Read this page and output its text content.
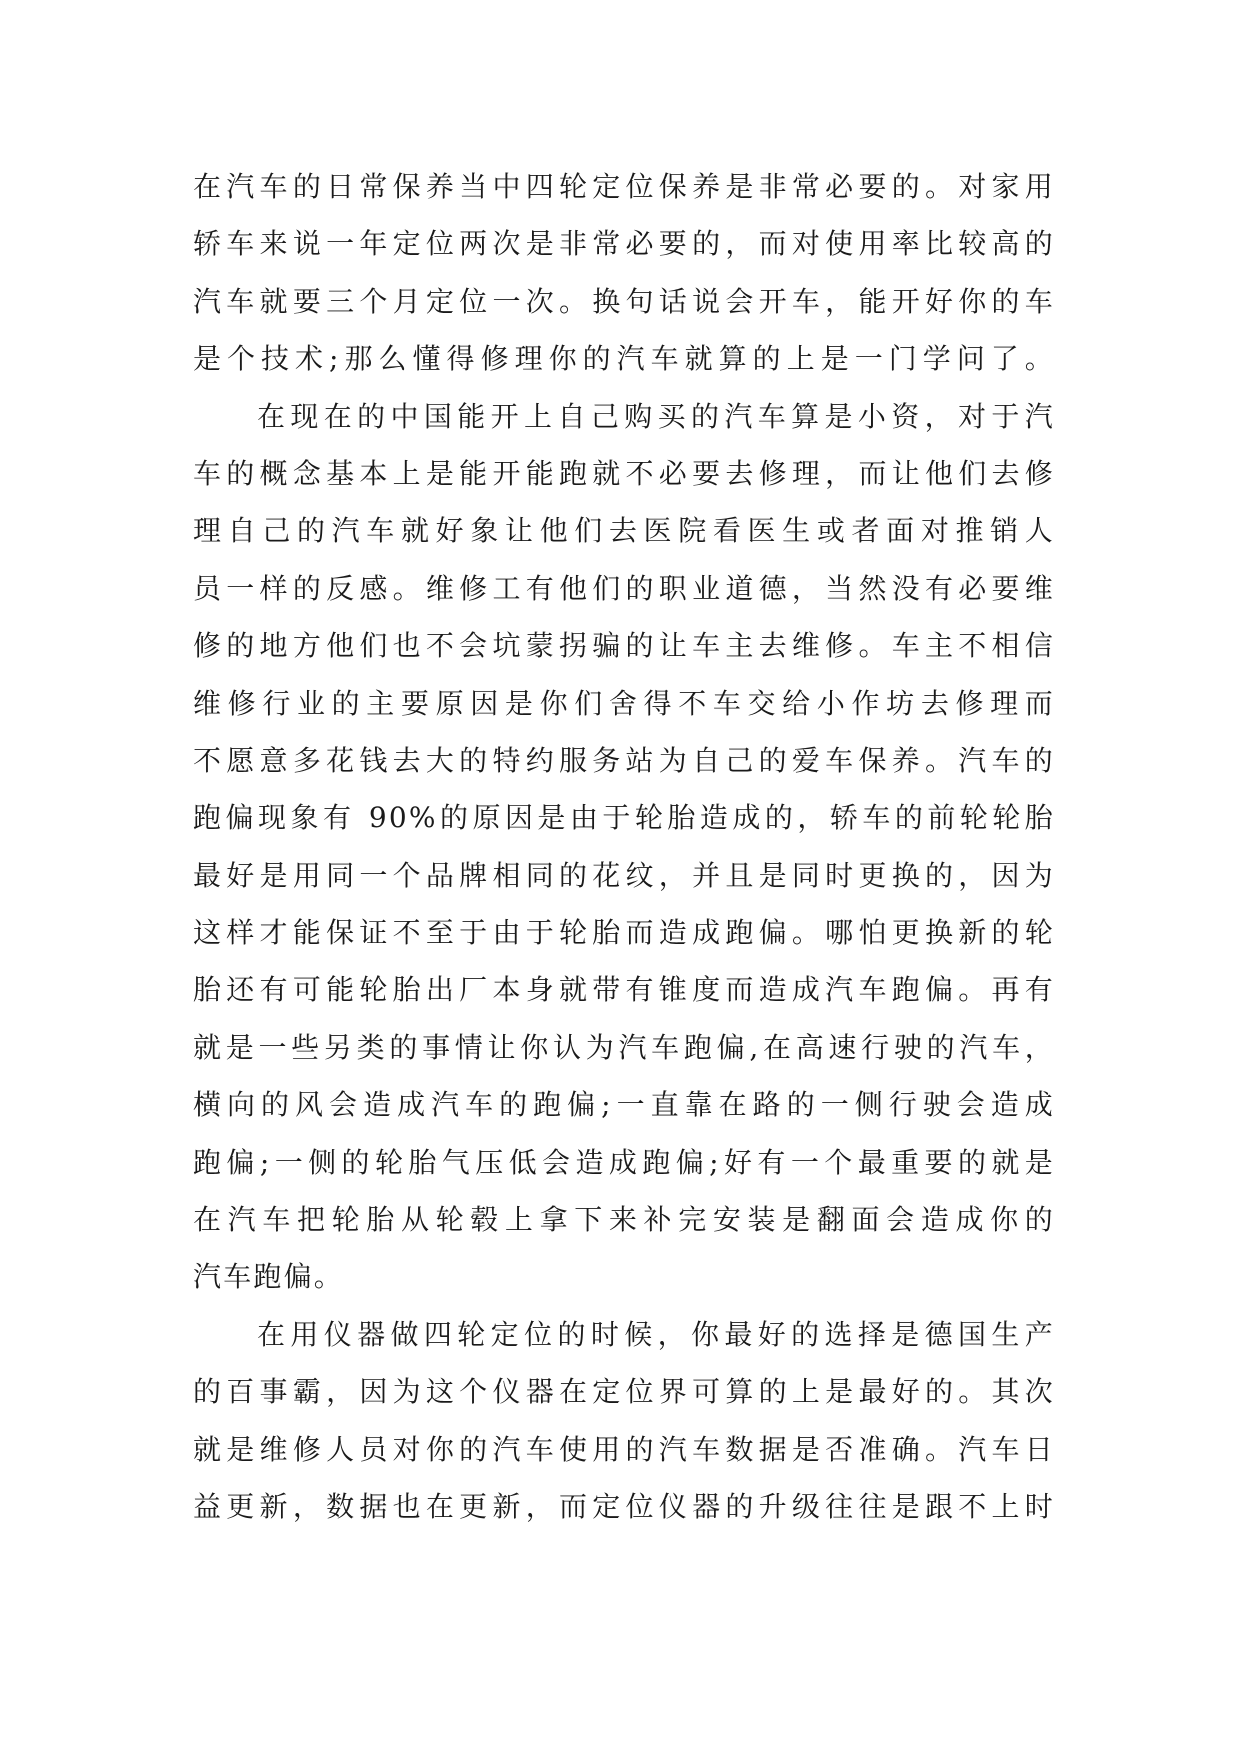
在汽车的日常保养当中四轮定位保养是非常必要的。对家用
轿车来说一年定位两次是非常必要的，而对使用率比较高的
汽车就要三个月定位一次。换句话说会开车，能开好你的车
是个技术;那么懂得修理你的汽车就算的上是一门学问了。
在现在的中国能开上自己购买的汽车算是小资，对于汽
车的概念基本上是能开能跑就不必要去修理，而让他们去修
理自己的汽车就好象让他们去医院看医生或者面对推销人
员一样的反感。维修工有他们的职业道德，当然没有必要维
修的地方他们也不会坑蒙拐骗的让车主去维修。车主不相信
维修行业的主要原因是你们舍得不车交给小作坊去修理而
不愿意多花钱去大的特约服务站为自己的爱车保养。汽车的
跑偏现象有 90%的原因是由于轮胎造成的，轿车的前轮轮胎
最好是用同一个品牌相同的花纹，并且是同时更换的，因为
这样才能保证不至于由于轮胎而造成跑偏。哪怕更换新的轮
胎还有可能轮胎出厂本身就带有锥度而造成汽车跑偏。再有
就是一些另类的事情让你认为汽车跑偏,在高速行驶的汽车，
横向的风会造成汽车的跑偏;一直靠在路的一侧行驶会造成
跑偏;一侧的轮胎气压低会造成跑偏;好有一个最重要的就是
在汽车把轮胎从轮毂上拿下来补完安装是翻面会造成你的
汽车跑偏。
在用仪器做四轮定位的时候，你最好的选择是德国生产
的百事霸，因为这个仪器在定位界可算的上是最好的。其次
就是维修人员对你的汽车使用的汽车数据是否准确。汽车日
益更新，数据也在更新，而定位仪器的升级往往是跟不上时
